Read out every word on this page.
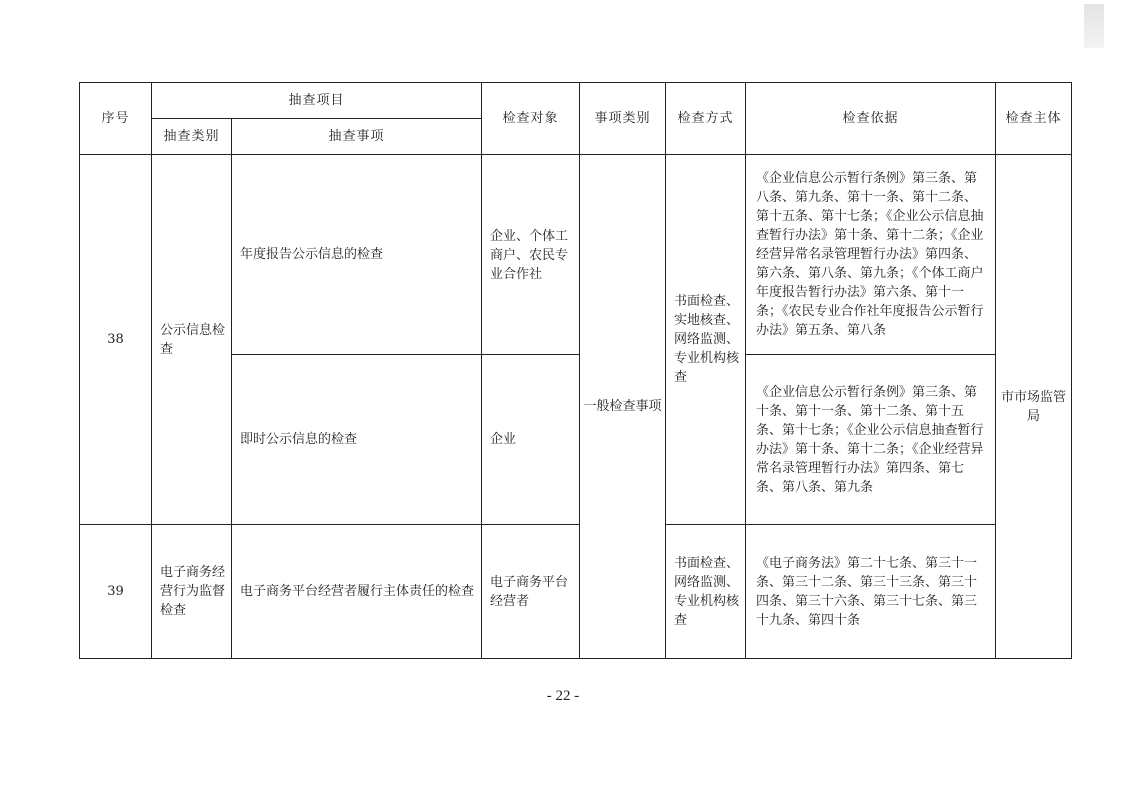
序号	抽查项目		检查对象	事项类别	检查方式	检查依据	检查主体
	抽查类别	抽查事项					
38	公示信息检查	年度报告公示信息的检查	企业、个体工商户、农民专业合作社	一般检查事项	书面检查、实地核查、网络监测、专业机构核查	《企业信息公示暂行条例》第三条、第八条、第九条、第十一条、第十二条、第十五条、第十七条；《企业公示信息抽查暂行办法》第十条、第十二条；《企业经营异常名录管理暂行办法》第四条、第六条、第八条、第九条；《个体工商户年度报告暂行办法》第六条、第十一条；《农民专业合作社年度报告公示暂行办法》第五条、第八条	市市场监管局
		即时公示信息的检查	企业			《企业信息公示暂行条例》第三条、第十条、第十一条、第十二条、第十五条、第十七条；《企业公示信息抽查暂行办法》第十条、第十二条；《企业经营异常名录管理暂行办法》第四条、第七条、第八条、第九条	
39	电子商务经营行为监督检查	电子商务平台经营者履行主体责任的检查	电子商务平台经营者		书面检查、网络监测、专业机构核查	《电子商务法》第二十七条、第三十一条、第三十二条、第三十三条、第三十四条、第三十六条、第三十七条、第三十九条、第四十条	
- 22 -
